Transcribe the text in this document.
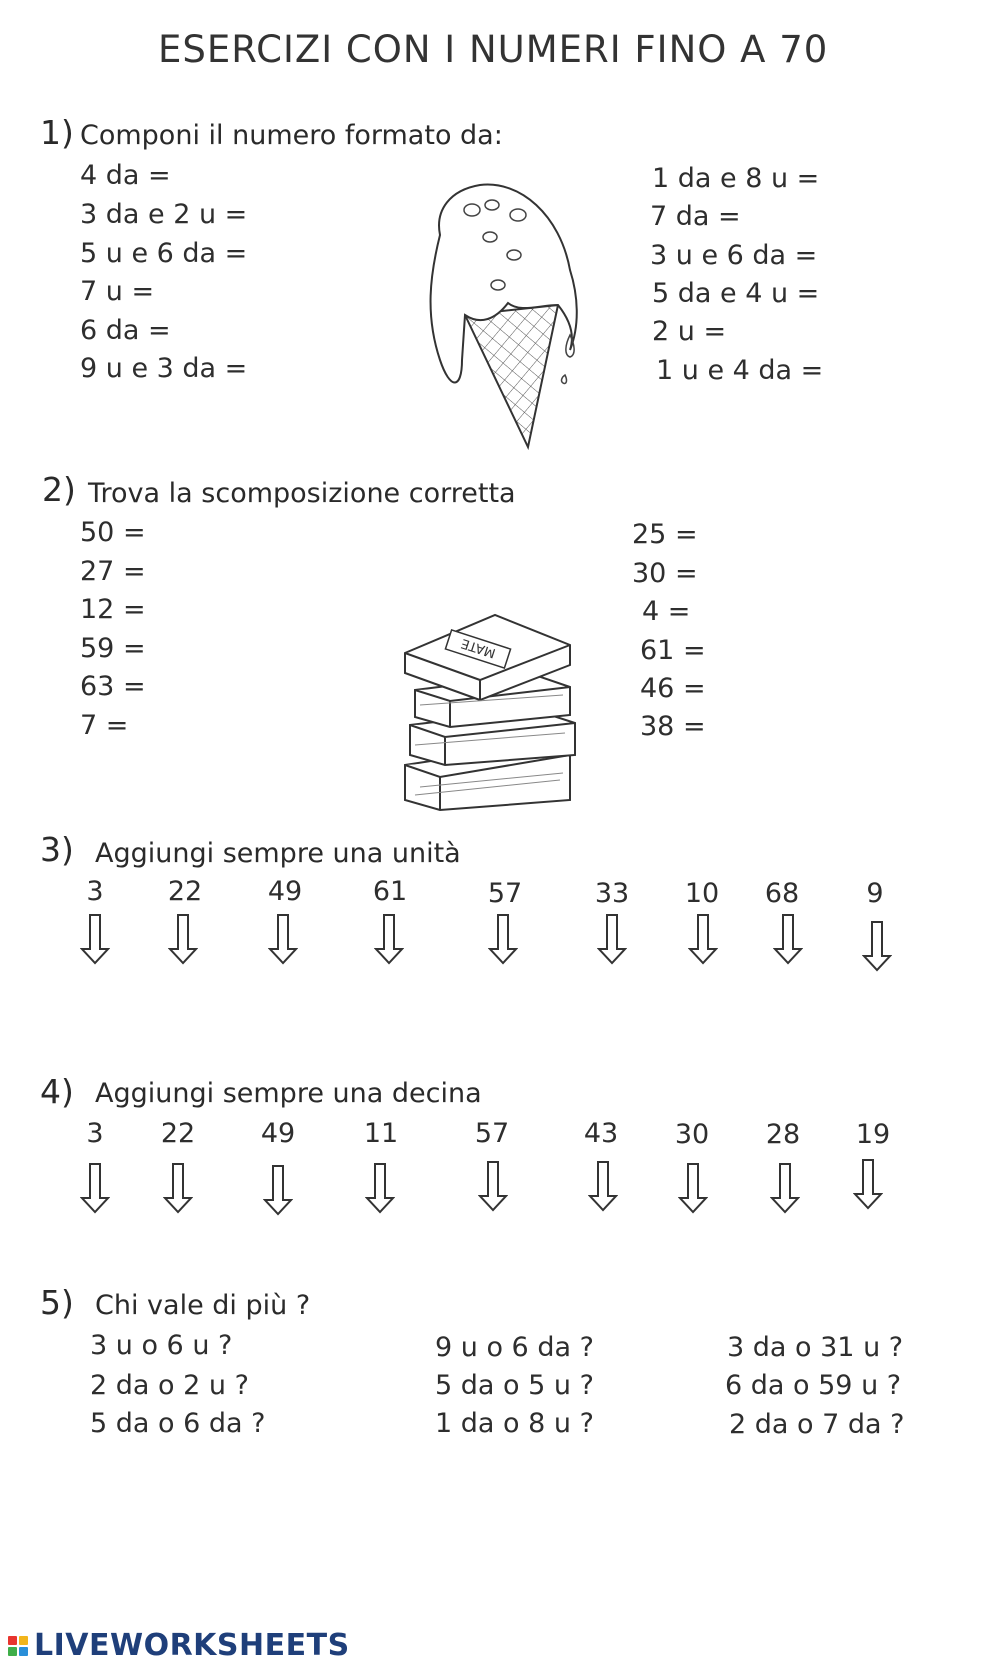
ESERCIZI CON I NUMERI FINO A 70
1) Componi il numero formato da:
4 da =
3 da e 2 u =
5 u e 6 da =
7 u =
6 da =
9 u e 3 da =
1 da e 8 u =
7 da =
3 u e 6 da =
5 da e 4 u =
2 u =
1 u e 4 da =
2) Trova la scomposizione corretta
50 =
27 =
12 =
59 =
63 =
7 =
25 =
30 =
4 =
61 =
46 =
38 =
MATE
3) Aggiungi sempre una unità
3	22	49	61	57	33	10	68	9
4) Aggiungi sempre una decina
3	22	49	11	57	43	30	28	19
5) Chi vale di più ?
3 u o 6 u ?
2 da o 2 u ?
5 da o 6 da ?
9 u o 6 da ?
5 da o 5 u ?
1 da o 8 u ?
3 da o 31 u ?
6 da o 59 u ?
2 da o 7 da ?
LIVEWORKSHEETS
